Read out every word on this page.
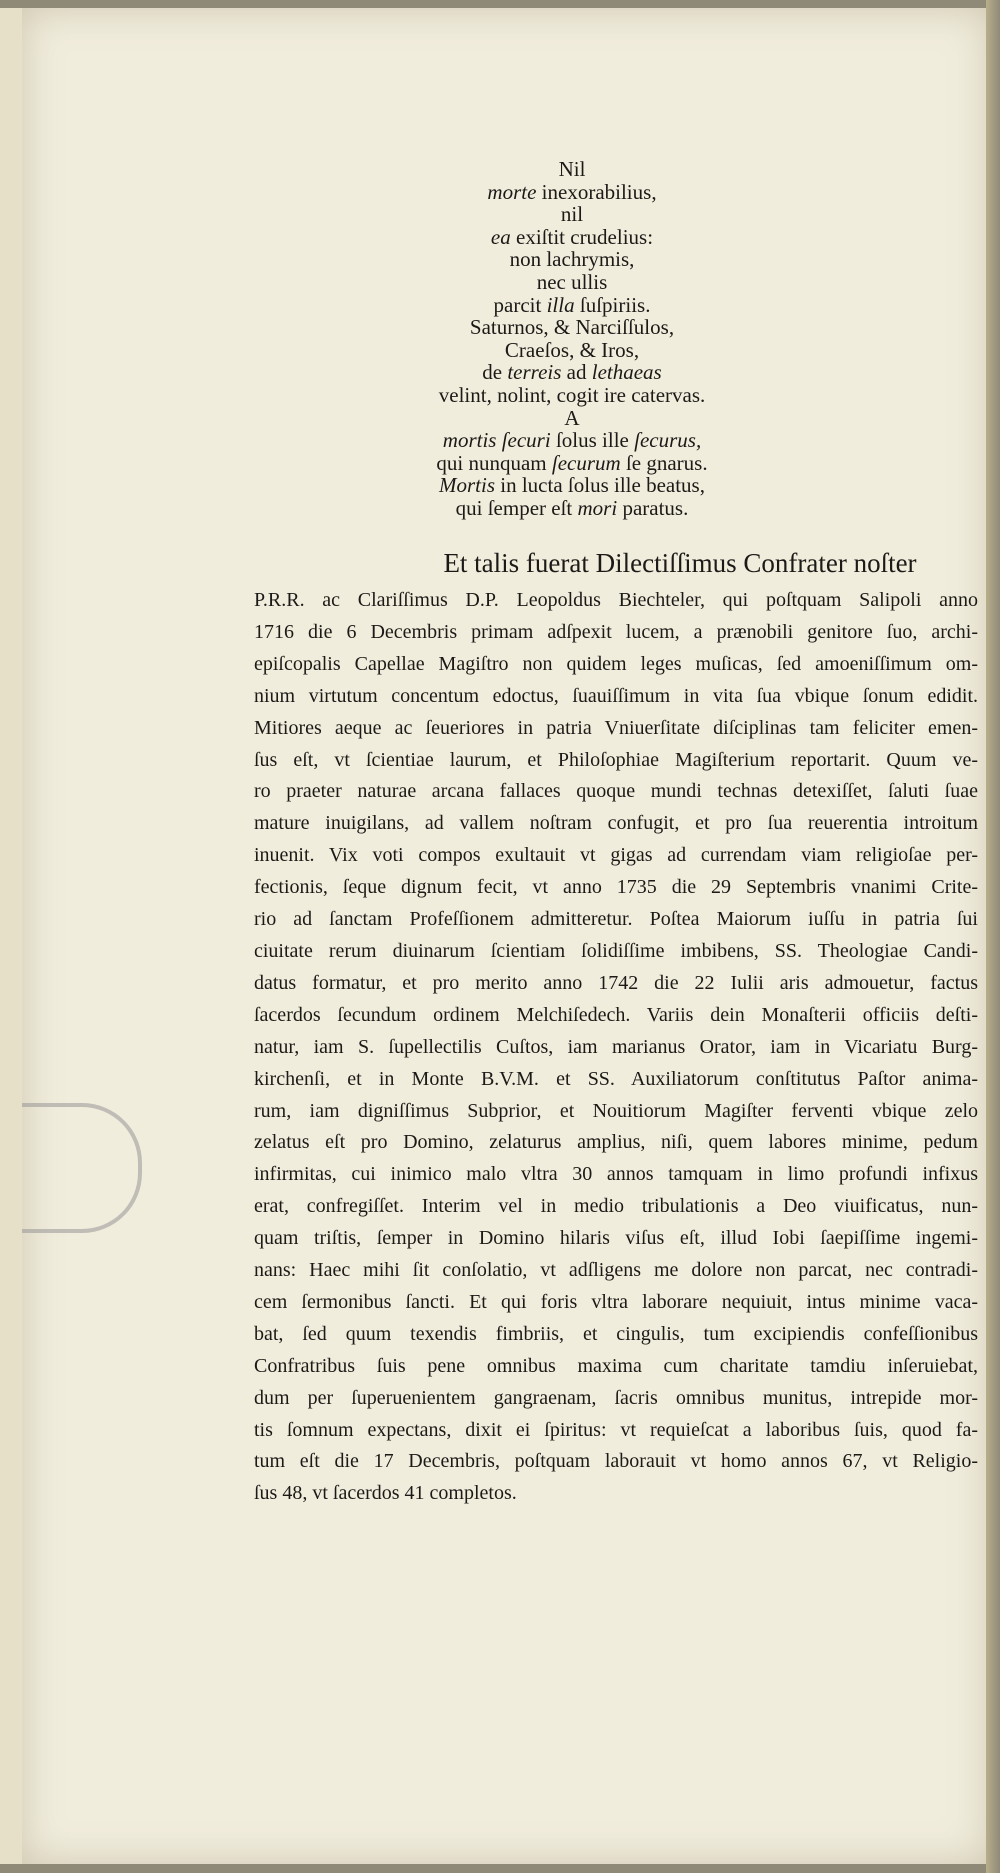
Nil
morte inexorabilius,
nil
ea exiſtit crudelius:
non lachrymis,
nec ullis
parcit illa ſuſpiriis.
Saturnos, & Narciſſulos,
Craeſos, & Iros,
de terreis ad lethaeas
velint, nolint, cogit ire catervas.
A
mortis ſecuri ſolus ille ſecurus,
qui nunquam ſecurum ſe gnarus.
Mortis in lucta ſolus ille beatus,
qui ſemper eſt mori paratus.
Et talis fuerat Dilectiſſimus Confrater noſter
P.R.R. ac Clariſſimus D.P. Leopoldus Biechteler, qui poſtquam Salipoli anno
1716 die 6 Decembris primam adſpexit lucem, a prænobili genitore ſuo, archi-
epiſcopalis Capellae Magiſtro non quidem leges muſicas, ſed amoeniſſimum om-
nium virtutum concentum edoctus, ſuauiſſimum in vita ſua vbique ſonum edidit.
Mitiores aeque ac ſeueriores in patria Vniuerſitate diſciplinas tam feliciter emen-
ſus eſt, vt ſcientiae laurum, et Philoſophiae Magiſterium reportarit. Quum ve-
ro praeter naturae arcana fallaces quoque mundi technas detexiſſet, ſaluti ſuae
mature inuigilans, ad vallem noſtram confugit, et pro ſua reuerentia introitum
inuenit. Vix voti compos exultauit vt gigas ad currendam viam religioſae per-
fectionis, ſeque dignum fecit, vt anno 1735 die 29 Septembris vnanimi Crite-
rio ad ſanctam Profeſſionem admitteretur. Poſtea Maiorum iuſſu in patria ſui
ciuitate rerum diuinarum ſcientiam ſolidiſſime imbibens, SS. Theologiae Candi-
datus formatur, et pro merito anno 1742 die 22 Iulii aris admouetur, factus
ſacerdos ſecundum ordinem Melchiſedech. Variis dein Monaſterii officiis deſti-
natur, iam S. ſupellectilis Cuſtos, iam marianus Orator, iam in Vicariatu Burg-
kirchenſi, et in Monte B.V.M. et SS. Auxiliatorum conſtitutus Paſtor anima-
rum, iam digniſſimus Subprior, et Nouitiorum Magiſter ferventi vbique zelo
zelatus eſt pro Domino, zelaturus amplius, niſi, quem labores minime, pedum
infirmitas, cui inimico malo vltra 30 annos tamquam in limo profundi infixus
erat, confregiſſet. Interim vel in medio tribulationis a Deo viuificatus, nun-
quam triſtis, ſemper in Domino hilaris viſus eſt, illud Iobi ſaepiſſime ingemi-
nans: Haec mihi ſit conſolatio, vt adſligens me dolore non parcat, nec contradi-
cem ſermonibus ſancti. Et qui foris vltra laborare nequiuit, intus minime vaca-
bat, ſed quum texendis fimbriis, et cingulis, tum excipiendis confeſſionibus
Confratribus ſuis pene omnibus maxima cum charitate tamdiu inſeruiebat,
dum per ſuperuenientem gangraenam, ſacris omnibus munitus, intrepide mor-
tis ſomnum expectans, dixit ei ſpiritus: vt requieſcat a laboribus ſuis, quod fa-
tum eſt die 17 Decembris, poſtquam laborauit vt homo annos 67, vt Religio-
ſus 48, vt ſacerdos 41 completos.
